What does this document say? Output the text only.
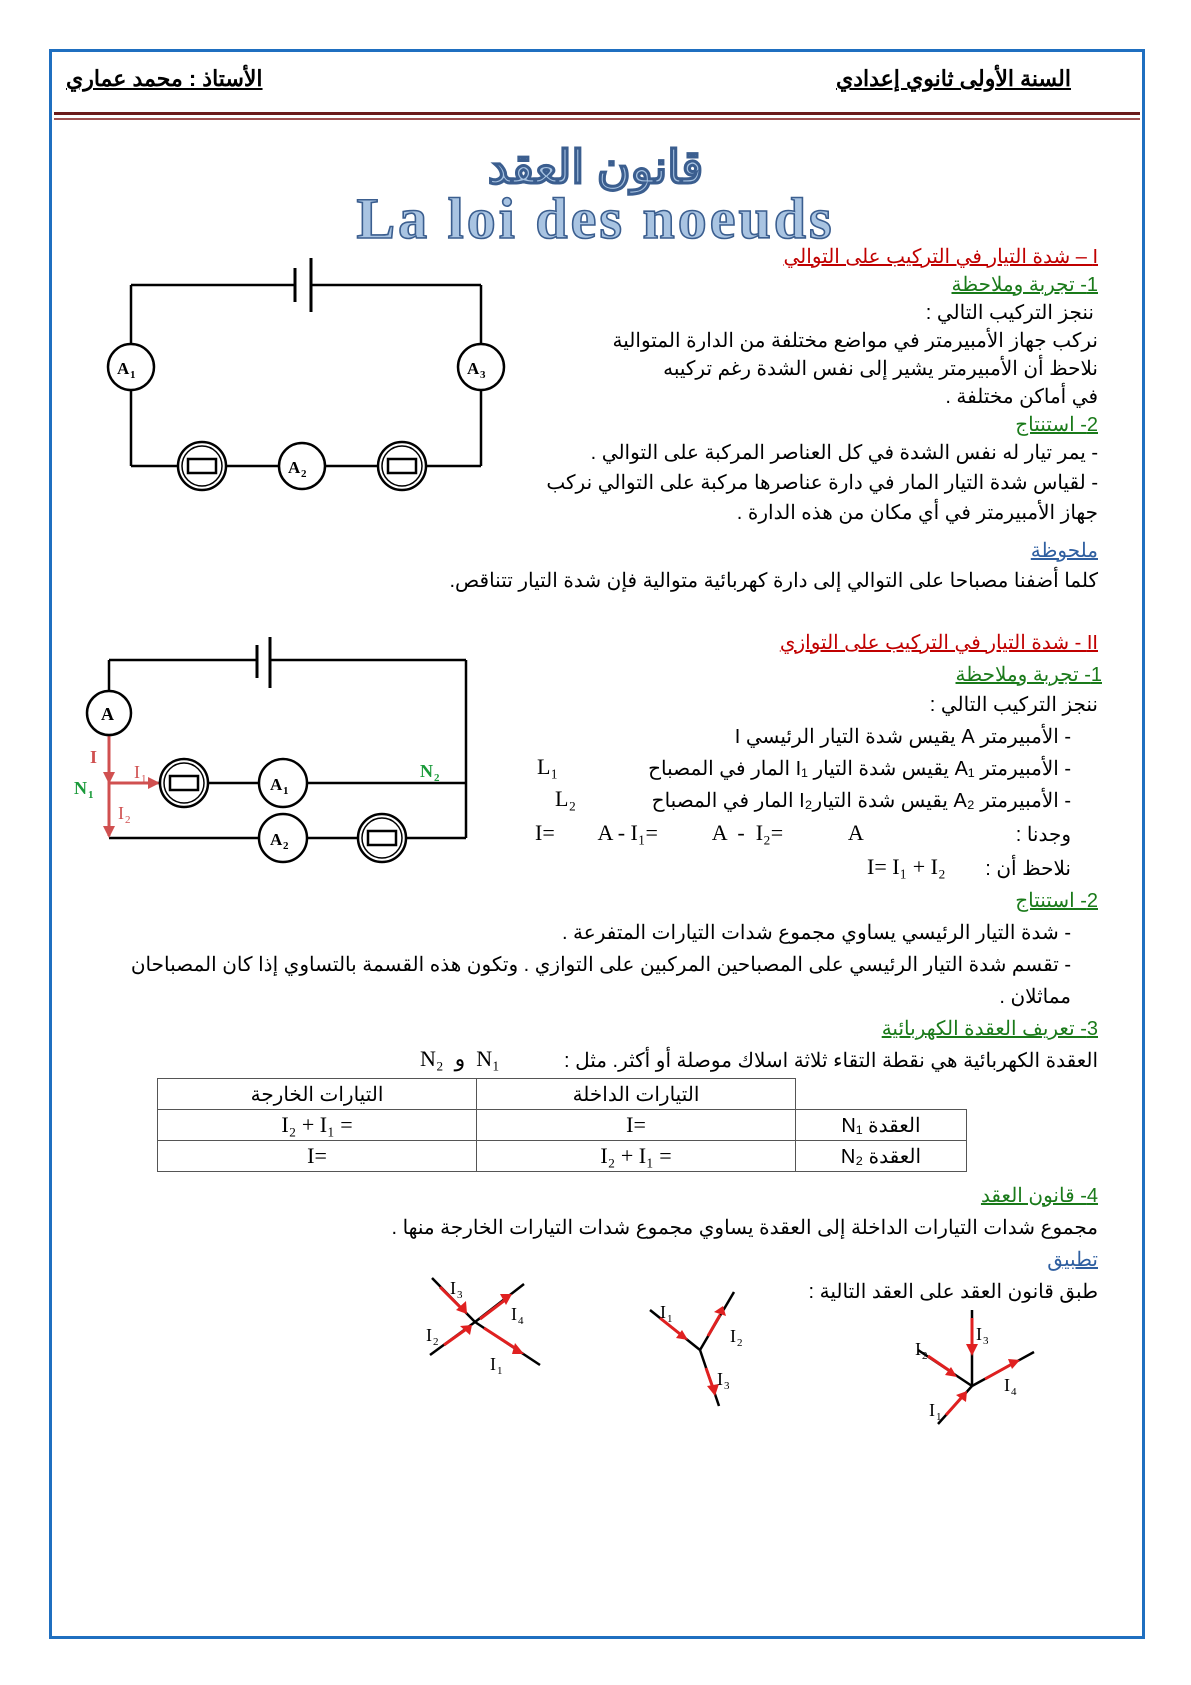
السنة الأولى ثانوي إعدادي
الأستاذ : محمد عماري
قانون العقد
La loi des noeuds
I – شدة التيار في التركيب على التوالي
1- تجربة وملاحظة
ننجز التركيب التالي :
نركب جهاز الأمبيرمتر في مواضع مختلفة من الدارة المتوالية
نلاحظ أن الأمبيرمتر يشير إلى نفس الشدة رغم تركيبه
في أماكن مختلفة .
2- استنتاج
- يمر تيار له نفس الشدة في كل العناصر المركبة على التوالي .
- لقياس شدة التيار المار في دارة عناصرها مركبة على التوالي نركب
جهاز الأمبيرمتر في أي مكان من هذه الدارة .
ملحوظة
كلما أضفنا مصباحا على التوالي إلى دارة كهربائية متوالية فإن شدة التيار تتناقص.
A 1	A 3
A 2
A
A 1
A 2
I
I 1
I 2
N 1
N 2
I 3
I 4
I 2
I 1
I 1
I 2
I 3
I 2
I 3
I 4
I 1
II - شدة التيار في التركيب على التوازي
1- تجربة وملاحظة
ننجز التركيب التالي :
- الأمبيرمتر A يقيس شدة التيار الرئيسي I
- الأمبيرمتر A₁ يقيس شدة التيار I₁ المار في المصباح
L₁
- الأمبيرمتر A₂ يقيس شدة التيارI₂ المار في المصباح
L₂
وجدنا :
I=        A - I₁=          A  -  I₂=            A
نلاحظ أن :
I= I₁ + I₂
2- استنتاج
- شدة التيار الرئيسي يساوي مجموع شدات التيارات المتفرعة .
- تقسم شدة التيار الرئيسي على المصباحين المركبين على التوازي . وتكون هذه القسمة بالتساوي إذا كان المصباحان
مماثلان .
3- تعريف العقدة الكهربائية
العقدة الكهربائية هي نقطة التقاء ثلاثة اسلاك موصلة أو أكثر. مثل :
N₂  و  N₁
التيارات الخارجة	التيارات الداخلة	
I₂ + I₁ =	I=	العقدة N₁
I=	I₂ + I₁ =	العقدة N₂
4- قانون العقد
مجموع شدات التيارات الداخلة إلى العقدة يساوي مجموع شدات التيارات الخارجة منها .
تطبيق
طبق قانون العقد على العقد التالية :
